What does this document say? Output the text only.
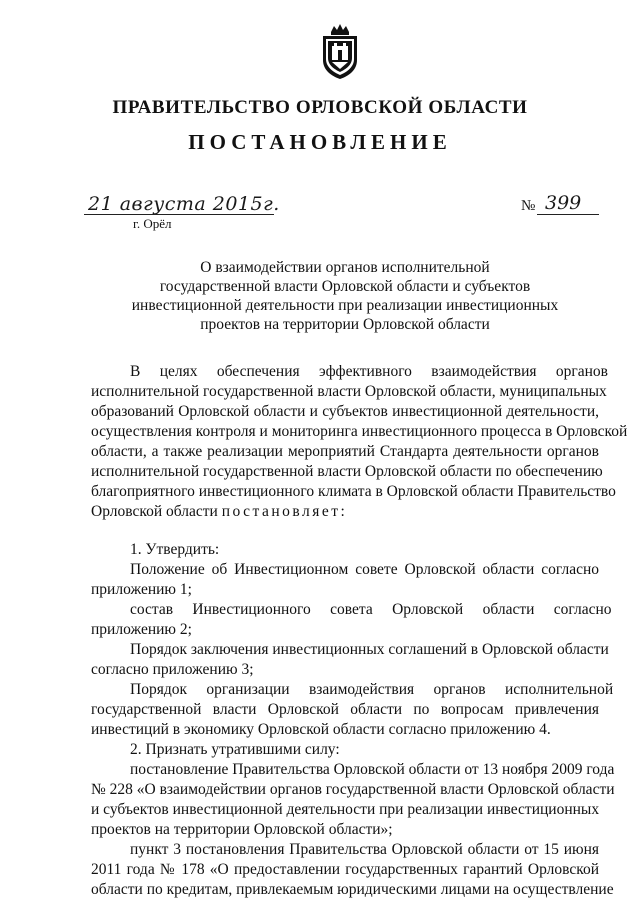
ПРАВИТЕЛЬСТВО ОРЛОВСКОЙ ОБЛАСТИ
ПОСТАНОВЛЕНИЕ
21 августа 2015г.
г. Орёл
№ 399
О взаимодействии органов исполнительной
государственной власти Орловской области и субъектов
инвестиционной деятельности при реализации инвестиционных
проектов на территории Орловской области
В     целях     обеспечения     эффективного     взаимодействия     органов
исполнительной государственной власти Орловской области, муниципальных
образований Орловской области и субъектов инвестиционной деятельности,
осуществления контроля и мониторинга инвестиционного процесса в Орловской
области, а также реализации мероприятий Стандарта деятельности органов
исполнительной государственной власти Орловской области по обеспечению
благоприятного инвестиционного климата в Орловской области Правительство
Орловской области постановляет:
1. Утвердить:
Положение об Инвестиционном совете Орловской области согласно
приложению 1;
состав     Инвестиционного     совета     Орловской     области     согласно
приложению 2;
Порядок заключения инвестиционных соглашений в Орловской области
согласно приложению 3;
Порядок     организации     взаимодействия     органов     исполнительной
государственной власти Орловской области по вопросам привлечения
инвестиций в экономику Орловской области согласно приложению 4.
2. Признать утратившими силу:
постановление Правительства Орловской области от 13 ноября 2009 года
№ 228 «О взаимодействии органов государственной власти Орловской области
и субъектов инвестиционной деятельности при реализации инвестиционных
проектов на территории Орловской области»;
пункт 3 постановления Правительства Орловской области от 15 июня
2011 года № 178 «О предоставлении государственных гарантий Орловской
области по кредитам, привлекаемым юридическими лицами на осуществление
